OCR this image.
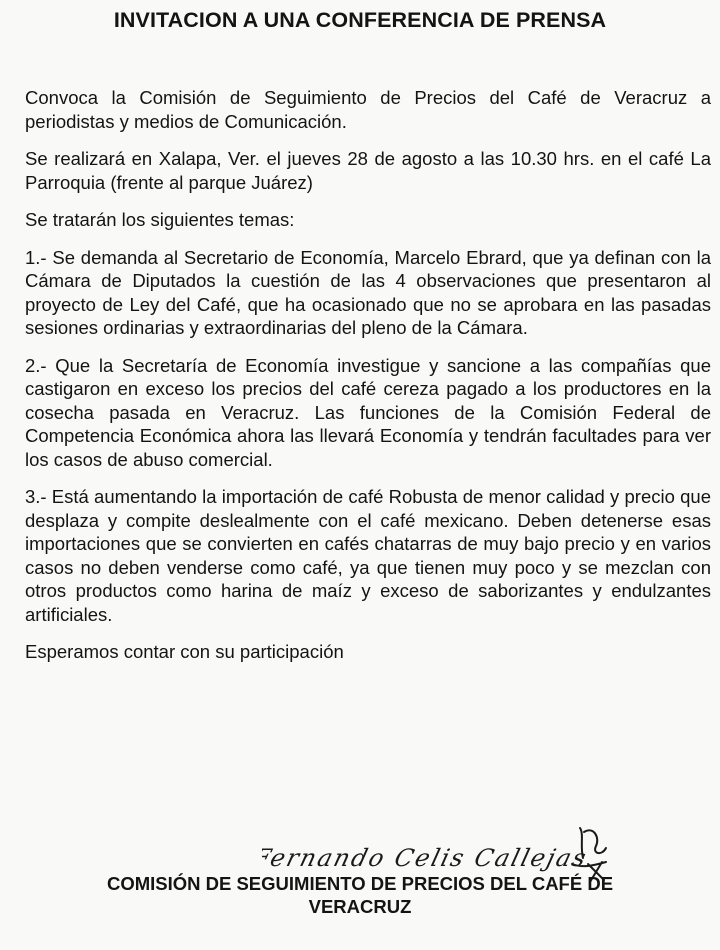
INVITACION A UNA CONFERENCIA DE PRENSA

Convoca la Comisión de Seguimiento de Precios del Café de Veracruz a periodistas y medios de Comunicación.

Se realizará en Xalapa, Ver. el jueves 28 de agosto a las 10.30 hrs. en el café La Parroquia (frente al parque Juárez)

Se tratarán los siguientes temas:

1.- Se demanda al Secretario de Economía, Marcelo Ebrard, que ya definan con la Cámara de Diputados la cuestión de las 4 observaciones que presentaron al proyecto de Ley del Café, que ha ocasionado que no se aprobara en las pasadas sesiones ordinarias y extraordinarias del pleno de la Cámara.

2.- Que la Secretaría de Economía investigue y sancione a las compañías que castigaron en exceso los precios del café cereza pagado a los productores en la cosecha pasada en Veracruz. Las funciones de la Comisión Federal de Competencia Económica ahora las llevará Economía y tendrán facultades para ver los casos de abuso comercial.

3.- Está aumentando la importación de café Robusta de menor calidad y precio que desplaza y compite deslealmente con el café mexicano. Deben detenerse esas importaciones que se convierten en cafés chatarras de muy bajo precio y en varios casos no deben venderse como café, ya que tienen muy poco y se mezclan con otros productos como harina de maíz y exceso de saborizantes y endulzantes artificiales.

Esperamos contar con su participación

Fernando Celis Callejas
COMISIÓN DE SEGUIMIENTO DE PRECIOS DEL CAFÉ DE
VERACRUZ
